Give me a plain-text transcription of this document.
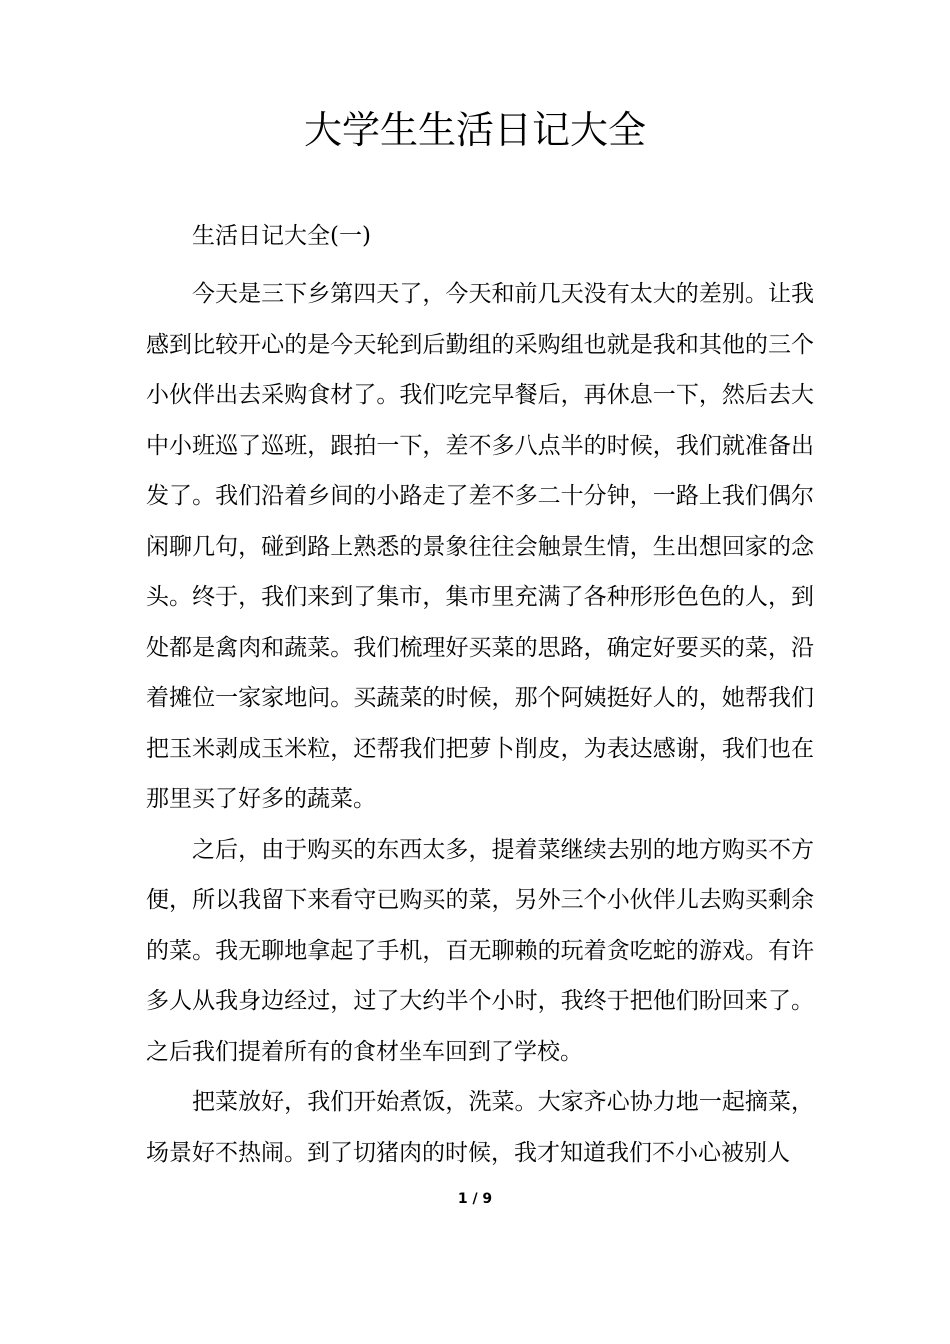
大学生生活日记大全

生活日记大全(一)

今天是三下乡第四天了，今天和前几天没有太大的差别。让我感到比较开心的是今天轮到后勤组的采购组也就是我和其他的三个小伙伴出去采购食材了。我们吃完早餐后，再休息一下，然后去大中小班巡了巡班，跟拍一下，差不多八点半的时候，我们就准备出发了。我们沿着乡间的小路走了差不多二十分钟，一路上我们偶尔闲聊几句，碰到路上熟悉的景象往往会触景生情，生出想回家的念头。终于，我们来到了集市，集市里充满了各种形形色色的人，到处都是禽肉和蔬菜。我们梳理好买菜的思路，确定好要买的菜，沿着摊位一家家地问。买蔬菜的时候，那个阿姨挺好人的，她帮我们把玉米剥成玉米粒，还帮我们把萝卜削皮，为表达感谢，我们也在那里买了好多的蔬菜。

之后，由于购买的东西太多，提着菜继续去别的地方购买不方便，所以我留下来看守已购买的菜，另外三个小伙伴儿去购买剩余的菜。我无聊地拿起了手机，百无聊赖的玩着贪吃蛇的游戏。有许多人从我身边经过，过了大约半个小时，我终于把他们盼回来了。之后我们提着所有的食材坐车回到了学校。

把菜放好，我们开始煮饭，洗菜。大家齐心协力地一起摘菜，场景好不热闹。到了切猪肉的时候，我才知道我们不小心被别人

1 / 9
